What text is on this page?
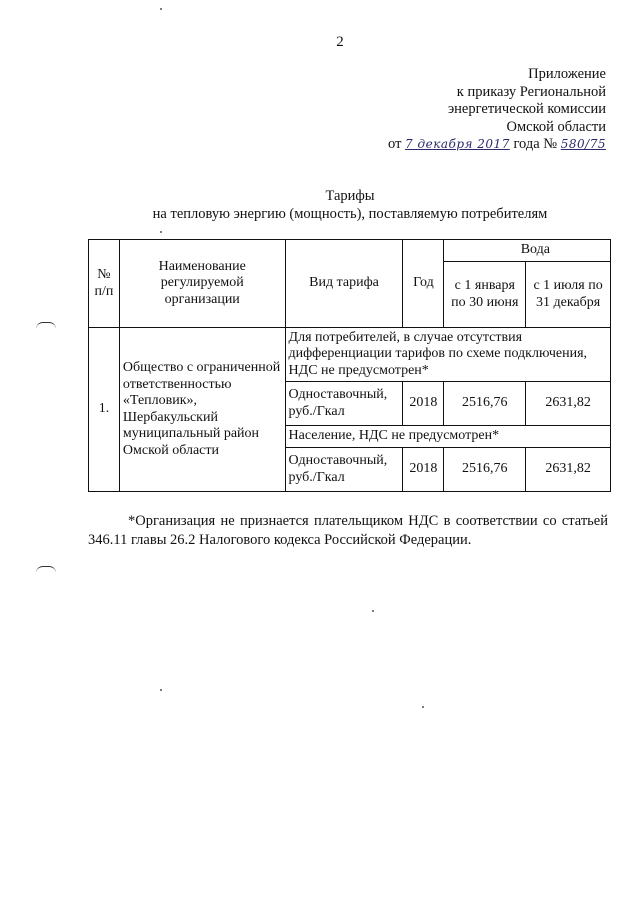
2
Приложение
к приказу Региональной
энергетической комиссии
Омской области
от 7 декабря 2017 года № 580/75
Тарифы
на тепловую энергию (мощность), поставляемую потребителям
№ п/п	Наименование регулируемой организации	Вид тарифа	Год	Вода	
				с 1 января по 30 июня	с 1 июля по 31 декабря
1.	Общество с ограниченной ответственностью «Тепловик», Шербакульский муниципальный район Омской области	Для потребителей, в случае отсутствия дифференциации тарифов по схеме подключения, НДС не предусмотрен*			
		Одноставочный, руб./Гкал	2018	2516,76	2631,82
		Население, НДС не предусмотрен*			
		Одноставочный, руб./Гкал	2018	2516,76	2631,82
*Организация не признается плательщиком НДС в соответствии со статьей 346.11 главы 26.2 Налогового кодекса Российской Федерации.
